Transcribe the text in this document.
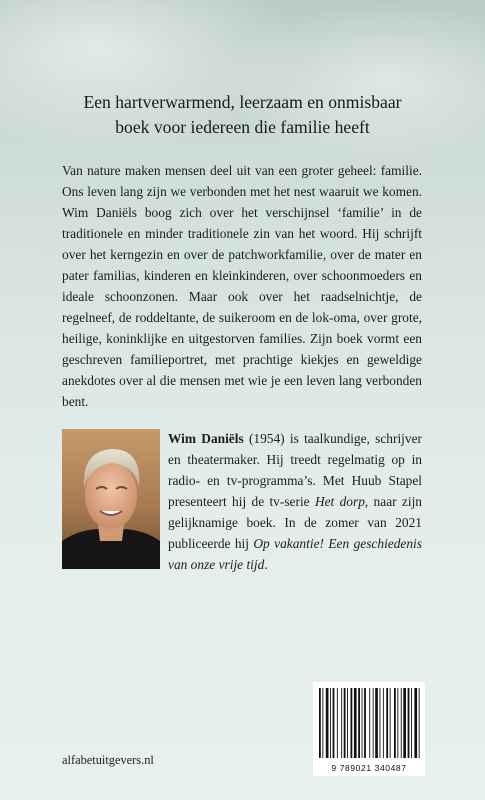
Een hartverwarmend, leerzaam en onmisbaar
boek voor iedereen die familie heeft

Van nature maken mensen deel uit van een groter geheel: familie. Ons leven lang zijn we verbonden met het nest waaruit we komen. Wim Daniëls boog zich over het verschijnsel ‘familie’ in de traditionele en minder traditionele zin van het woord. Hij schrijft over het kerngezin en over de patchworkfamilie, over de mater en pater familias, kinderen en kleinkinderen, over schoonmoeders en ideale schoonzonen. Maar ook over het raadselnichtje, de regelneef, de roddeltante, de suikeroom en de lok-oma, over grote, heilige, koninklijke en uitgestorven families. Zijn boek vormt een geschreven familieportret, met prachtige kiekjes en geweldige anekdotes over al die mensen met wie je een leven lang verbonden bent.

Wim Daniëls (1954) is taalkundige, schrijver en theatermaker. Hij treedt regelmatig op in radio- en tv-programma’s. Met Huub Stapel presenteert hij de tv-serie Het dorp, naar zijn gelijknamige boek. In de zomer van 2021 publiceerde hij Op vakantie! Een geschiedenis van onze vrije tijd.

9 789021 340487
alfabetuitgevers.nl
